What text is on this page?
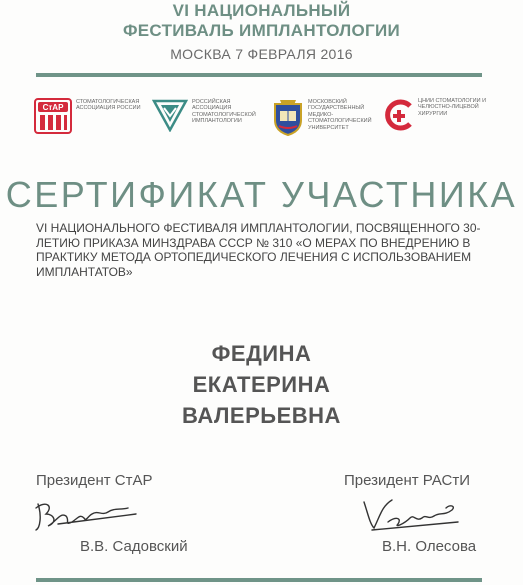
VI НАЦИОНАЛЬНЫЙ
ФЕСТИВАЛЬ ИМПЛАНТОЛОГИИ
МОСКВА 7 ФЕВРАЛЯ 2016
СтАР
СТОМАТОЛОГИЧЕСКАЯ АССОЦИАЦИЯ РОССИИ
РОССИЙСКАЯ АССОЦИАЦИЯ СТОМАТОЛОГИЧЕСКОЙ ИМПЛАНТОЛОГИИ
МОСКОВСКИЙ ГОСУДАРСТВЕННЫЙ МЕДИКО-СТОМАТОЛОГИЧЕСКИЙ УНИВЕРСИТЕТ
ЦНИИ СТОМАТОЛОГИИ И ЧЕЛЮСТНО-ЛИЦЕВОЙ ХИРУРГИИ
СЕРТИФИКАТ УЧАСТНИКА
VI НАЦИОНАЛЬНОГО ФЕСТИВАЛЯ ИМПЛАНТОЛОГИИ, ПОСВЯЩЕННОГО 30-ЛЕТИЮ ПРИКАЗА МИНЗДРАВА СССР № 310 «О МЕРАХ ПО ВНЕДРЕНИЮ В ПРАКТИКУ МЕТОДА ОРТОПЕДИЧЕСКОГО ЛЕЧЕНИЯ С ИСПОЛЬЗОВАНИЕМ ИМПЛАНТАТОВ»
ФЕДИНА
ЕКАТЕРИНА
ВАЛЕРЬЕВНА
Президент СтАР
В.В. Садовский
Президент РАСтИ
В.Н. Олесова
